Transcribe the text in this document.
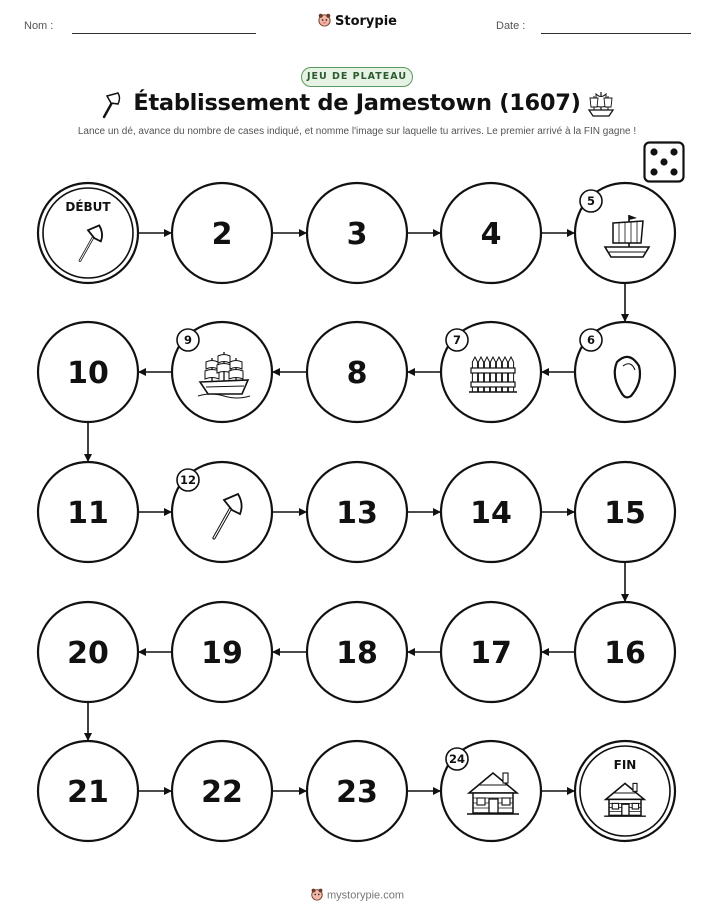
Nom :	Storypie	Date :
JEU DE PLATEAU
Établissement de Jamestown (1607)
Lance un dé, avance du nombre de cases indiqué, et nomme l'image sur laquelle tu arrives. Le premier arrivé à la FIN gagne !
DÉBUT
2	3	4
5
6
7
8
9
10
11
12
13	14	15
16
17
18
19
20
21	22	23
24	FIN
mystorypie.com
